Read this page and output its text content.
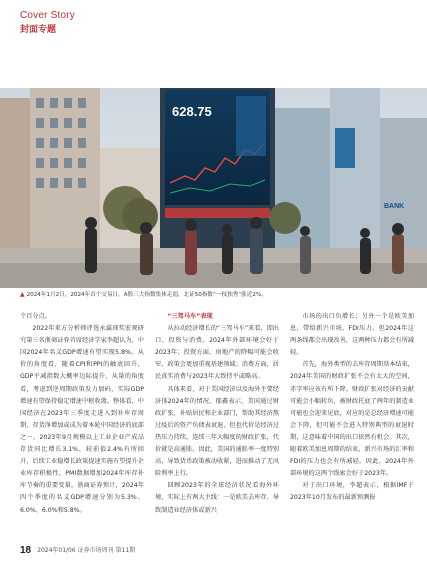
Cover Story
封面专题
628.75
BANK
▲ 2024年1月2日，2024年首个交易日，A股三大指数集体走弱，北证50指数“一枝独秀”涨近2%。

个百分点。

2022年来方分析师评选永赢球奖宏观研究第三名浙商证券首席经济学家李超认为，中国2024年名义GDP增速有望实现5.8%。从价的角度看，随着CPI和PPI的触底回升，GDP平减指数大概率边际提升，从量的角度看，考虑到逆周期政策发力加码，实际GDP增速有望保持稳定增速中枢收敛。整体看，中国经济在2023年三季度走进入到补库存周期，存货净增加或成为着本轮中国经济的底部之一。2023年9月规模以上工业企业产成品存货同比增长3.1%，较前值2.4%有所回升，后续工业稳增长政策提速实施有望提升企业库存积极性，PMI数据增加2024年库存补库节奏的重要变量。浙商证券预计，2024年四个季度的名义GDP增速分别为5.3%、6.0%、6.0%和5.8%。

“三驾马车”表现

从拉动经济增长的“三驾马车”来看，即出口、投资与消费。2024年外部环境会好于2023年；投资方面，房地产的降幅可能会收窄，政策会更加重视基建领域；消费方面，居民真实消费与2023年大致持平或略高。

具体来看，对于美国经济以及海外主要经济体2024年的情况，郁鑫表示，美国通过财政扩张，补贴居民和企业部门，帮助其经济熬过疫后的资产负债表衰退，但也代价是经济过热压力持续，连续三年大幅度的财政扩张，代价就是高通胀。因此，美国的通胀率一度特别高，导致货币政策被动收紧，进而推动了无风险利率上行。

回顾2023年的全球经济状况看海外环境，实际上有两大主线：一是欧美去库存，导致制造业经济体或新兴

市场的出口负增长；另外一个是欧美加息，带给新兴市场、FDI压力。但2024年这两条线都会出现改善，这两种压力都会有所减轻。

首先，海外类型的去库存周期基本结束，2024年美国的财政扩张不会有太大的空间，赤字率应该有所下降。财政扩张对经济的贡献可能会小幅转负，被财政托底了两年的制造业可能也会迎来见底，对应的是总经济增速可能会下降，但可能不会进入特别典型的衰退时期，这意味着中国的出口依然有机会。其次，随着欧美加息周期的结束，新兴市场的汇率和FDI的压力也会有所减轻。因此，2024年外部环境的这两个线索会好于2023年。

对于出口环境，李超表示，根据IMF于2023年10月发布的最新预测报

18 2024年01/06 证券市场周刊 第11期
